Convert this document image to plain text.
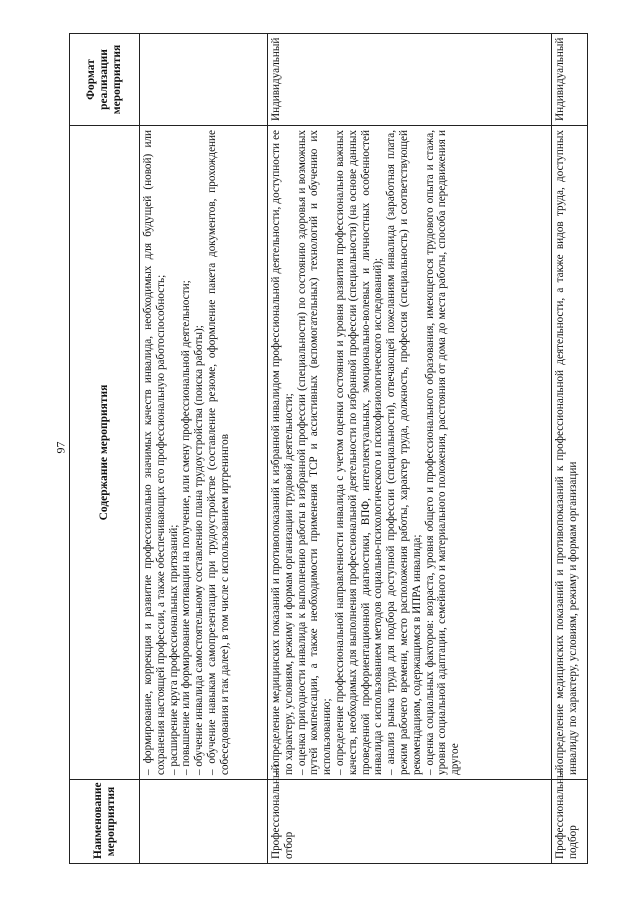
97
Наименование мероприятия	Содержание мероприятия	Формат реализации мероприятия

	– формирование, коррекция и развитие профессионально значимых качеств инвалида, необходимых для будущей (новой) или сохранения настоящей профессии, а также обеспечивающих его профессиональную работоспособность; – расширение круга профессиональных притязаний; – повышение или формирование мотивации на получение, или смену профессиональной деятельности; – обучение инвалида самостоятельному составлению плана трудоустройства (поиска работы); – обучение навыкам самопрезентации при трудоустройстве (составление резюме, оформление пакета документов, прохождение собеседования и так далее), в том числе с использованием иртренингов

Профессиональный отбор	– определение медицинских показаний и противопоказаний к избранной инвалидом профессиональной деятельности, доступности ее по характеру, условиям, режиму и формам организации трудовой деятельности; – оценка пригодности инвалида к выполнению работы в избранной профессии (специальности) по состоянию здоровья и возможных путей компенсации, а также необходимости применения ТСР и ассистивных (вспомогательных) технологий и обучению их использованию; – определение профессиональной направленности инвалида с учетом оценки состояния и уровня развития профессионально важных качеств, необходимых для выполнения профессиональной деятельности по избранной профессии (специальности) (на основе данных проведенной профориентационной диагностики, ВПФ, интеллектуальных, эмоционально-волевых и личностных особенностей инвалида с использованием методов социально-психологического и психофизиологического исследований); – анализ рынка труда для подбора доступной профессии (специальности), отвечающей пожеланиям инвалида (заработная плата, режим рабочего времени, место расположения работы, характер труда, должность, профессия (специальность) и соответствующей рекомендациям, содержащимся в ИПРА инвалида; – оценка социальных факторов: возраста, уровня общего и профессионального образования, имеющегося трудового опыта и стажа, уровня социальной адаптации, семейного и материального положения, расстояния от дома до места работы, способа передвижения и другое	Индивидуальный
Профессиональный подбор	– определение медицинских показаний и противопоказаний к профессиональной деятельности, а также видов труда, доступных инвалиду по характеру, условиям, режиму и формам организации	Индивидуальный
